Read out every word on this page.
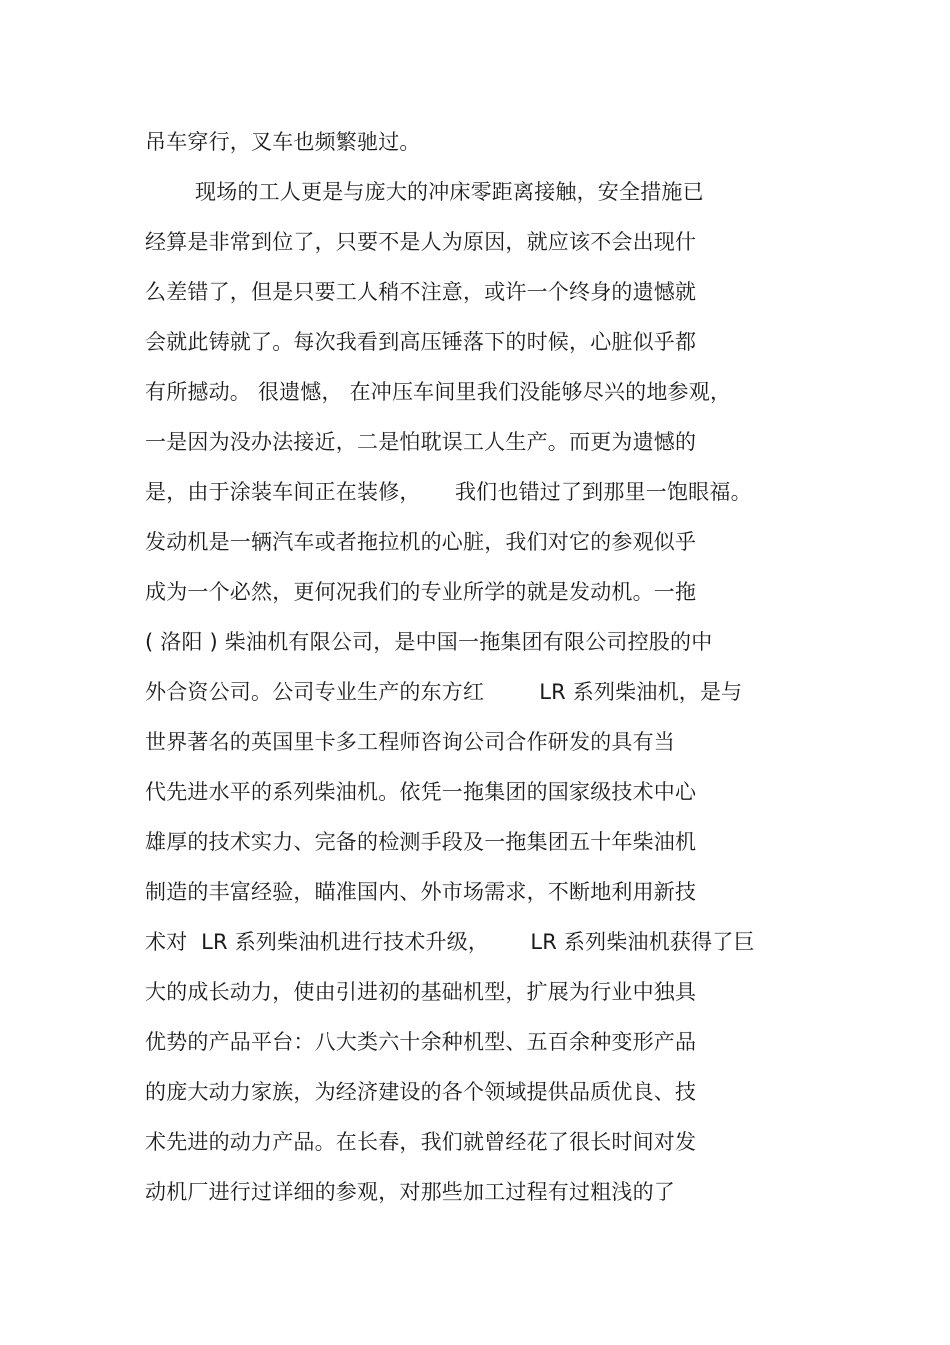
吊车穿行，叉车也频繁驰过。
现场的工人更是与庞大的冲床零距离接触，安全措施已
经算是非常到位了，只要不是人为原因，就应该不会出现什
么差错了，但是只要工人稍不注意，或许一个终身的遗憾就
会就此铸就了。每次我看到高压锤落下的时候，心脏似乎都
有所撼动。 很遗憾， 在冲压车间里我们没能够尽兴的地参观，
一是因为没办法接近，二是怕耽误工人生产。而更为遗憾的
是，由于涂装车间正在装修，     我们也错过了到那里一饱眼福。
发动机是一辆汽车或者拖拉机的心脏，我们对它的参观似乎
成为一个必然，更何况我们的专业所学的就是发动机。一拖
( 洛阳 ) 柴油机有限公司，是中国一拖集团有限公司控股的中
外合资公司。公司专业生产的东方红        LR 系列柴油机，是与
世界著名的英国里卡多工程师咨询公司合作研发的具有当
代先进水平的系列柴油机。依凭一拖集团的国家级技术中心
雄厚的技术实力、完备的检测手段及一拖集团五十年柴油机
制造的丰富经验，瞄准国内、外市场需求，不断地利用新技
术对  LR 系列柴油机进行技术升级，      LR 系列柴油机获得了巨
大的成长动力，使由引进初的基础机型，扩展为行业中独具
优势的产品平台：八大类六十余种机型、五百余种变形产品
的庞大动力家族，为经济建设的各个领域提供品质优良、技
术先进的动力产品。在长春，我们就曾经花了很长时间对发
动机厂进行过详细的参观，对那些加工过程有过粗浅的了
